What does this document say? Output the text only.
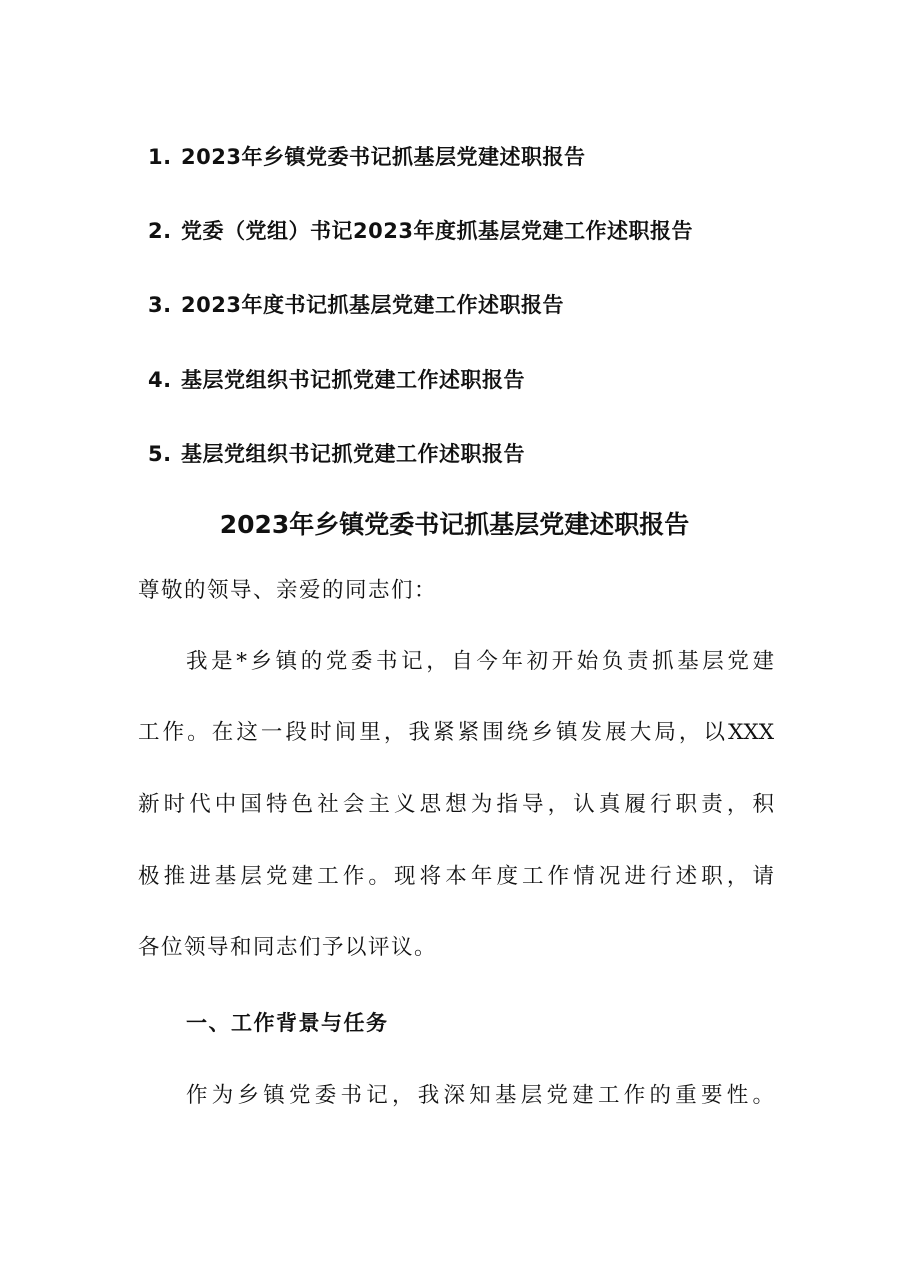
1. 2023年乡镇党委书记抓基层党建述职报告
2. 党委（党组）书记2023年度抓基层党建工作述职报告
3. 2023年度书记抓基层党建工作述职报告
4. 基层党组织书记抓党建工作述职报告
5. 基层党组织书记抓党建工作述职报告
2023年乡镇党委书记抓基层党建述职报告
尊敬的领导、亲爱的同志们：
我是*乡镇的党委书记，自今年初开始负责抓基层党建
工作。在这一段时间里，我紧紧围绕乡镇发展大局，以XXX
新时代中国特色社会主义思想为指导，认真履行职责，积
极推进基层党建工作。现将本年度工作情况进行述职，请
各位领导和同志们予以评议。
一、工作背景与任务
作为乡镇党委书记，我深知基层党建工作的重要性。
